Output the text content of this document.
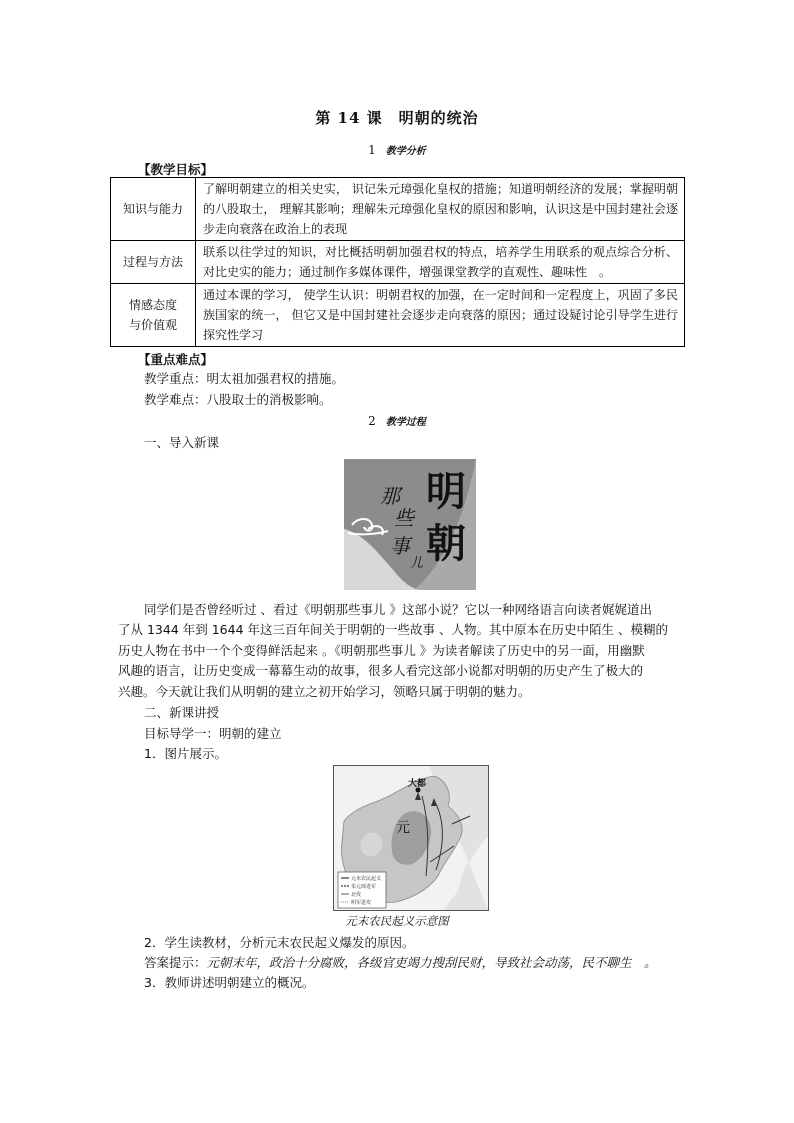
第 14 课　明朝的统治
1 教学分析
【教学目标】
知识与能力	了解明朝建立的相关史实， 识记朱元璋强化皇权的措施；知道明朝经济的发展；掌握明朝的八股取士， 理解其影响；理解朱元璋强化皇权的原因和影响，认识这是中国封建社会逐步走向衰落在政治上的表现
过程与方法	联系以往学过的知识，对比概括明朝加强君权的特点，培养学生用联系的观点综合分析、对比史实的能力；通过制作多媒体课件，增强课堂教学的直观性、趣味性　。

情感态度
与价值观	通过本课的学习， 使学生认识：明朝君权的加强，在一定时间和一定程度上，巩固了多民族国家的统一， 但它又是中国封建社会逐步走向衰落的原因；通过设疑讨论引导学生进行探究性学习
【重点难点】
教学重点：明太祖加强君权的措施。
教学难点：八股取士的消极影响。
2 教学过程
一、导入新课
明
朝
那
些
事
儿
同学们是否曾经听过 、看过《明朝那些事儿 》这部小说？它以一种网络语言向读者娓娓道出
了从 1344 年到 1644 年这三百年间关于明朝的一些故事 、人物。其中原本在历史中陌生 、模糊的
历史人物在书中一个个变得鲜活起来 。《明朝那些事儿 》为读者解读了历史中的另一面，用幽默
风趣的语言，让历史变成一幕幕生动的故事，很多人看完这部小说都对明朝的历史产生了极大的
兴趣。今天就让我们从明朝的建立之初开始学习，领略只属于明朝的魅力。
二、新课讲授
目标导学一：明朝的建立
1．图片展示。
大都
元
元末农民起义
朱元璋进军
北伐
明军进攻
元末农民起义示意图
2．学生读教材，分析元末农民起义爆发的原因。
答案提示：元朝末年，政治十分腐败，各级官吏竭力搜刮民财，导致社会动荡，民不聊生　。
3．教师讲述明朝建立的概况。
